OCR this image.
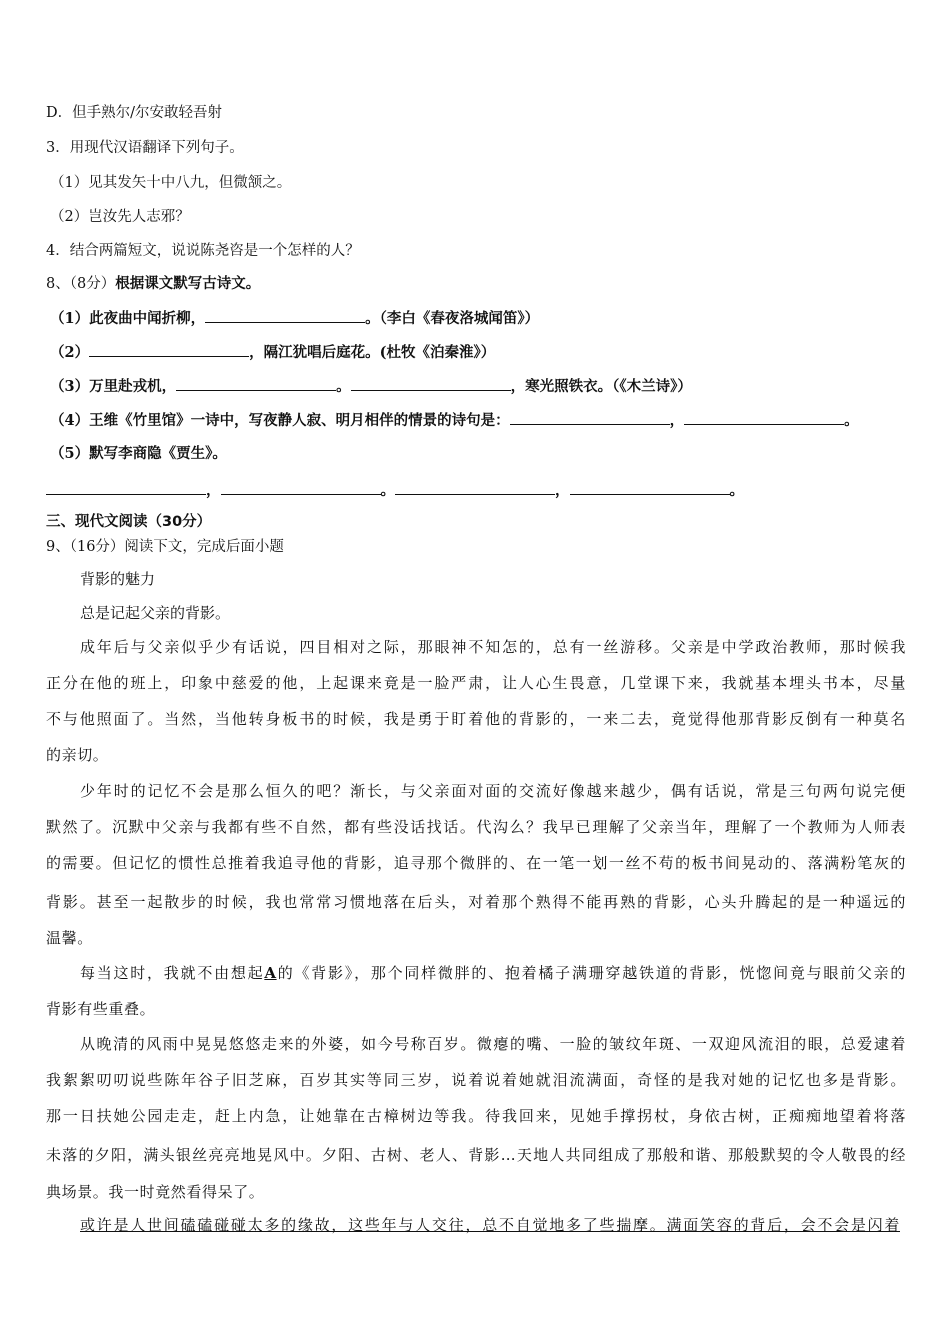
D．但手熟尔/尔安敢轻吾射
3．用现代汉语翻译下列句子。
（1）见其发矢十中八九，但微颔之。
（2）岂汝先人志邪？
4．结合两篇短文，说说陈尧咨是一个怎样的人？
8、（8分）根据课文默写古诗文。
（1）此夜曲中闻折柳，	。（李白《春夜洛城闻笛》）
（2）	，隔江犹唱后庭花。(杜牧《泊秦淮》）
（3）万里赴戎机，	。	，寒光照铁衣。（《木兰诗》）
（4）王维《竹里馆》一诗中，写夜静人寂、明月相伴的情景的诗句是：	，	。
（5）默写李商隐《贾生》。
，	。	，	。
三、现代文阅读（30分）
9、（16分）阅读下文，完成后面小题
背影的魅力
总是记起父亲的背影。
成年后与父亲似乎少有话说，四目相对之际，那眼神不知怎的，总有一丝游移。父亲是中学政治教师，那时候我
正分在他的班上，印象中慈爱的他，上起课来竟是一脸严肃，让人心生畏意，几堂课下来，我就基本埋头书本，尽量
不与他照面了。当然，当他转身板书的时候，我是勇于盯着他的背影的，一来二去，竟觉得他那背影反倒有一种莫名
的亲切。
少年时的记忆不会是那么恒久的吧？渐长，与父亲面对面的交流好像越来越少，偶有话说，常是三句两句说完便
默然了。沉默中父亲与我都有些不自然，都有些没话找话。代沟么？我早已理解了父亲当年，理解了一个教师为人师表
的需要。但记忆的惯性总推着我追寻他的背影，追寻那个微胖的、在一笔一划一丝不苟的板书间晃动的、落满粉笔灰的
背影。甚至一起散步的时候，我也常常习惯地落在后头，对着那个熟得不能再熟的背影，心头升腾起的是一种遥远的
温馨。
每当这时，我就不由想起A的《背影》，那个同样微胖的、抱着橘子满珊穿越铁道的背影，恍惚间竟与眼前父亲的
背影有些重叠。
从晚清的风雨中晃晃悠悠走来的外婆，如今号称百岁。微瘪的嘴、一脸的皱纹年斑、一双迎风流泪的眼，总爱逮着
我絮絮叨叨说些陈年谷子旧芝麻，百岁其实等同三岁，说着说着她就泪流满面，奇怪的是我对她的记忆也多是背影。
那一日扶她公园走走，赶上内急，让她靠在古樟树边等我。待我回来，见她手撑拐杖，身依古树，正痴痴地望着将落
未落的夕阳，满头银丝亮亮地晃风中。夕阳、古树、老人、背影…天地人共同组成了那般和谐、那般默契的令人敬畏的经
典场景。我一时竟然看得呆了。
或许是人世间磕磕碰碰太多的缘故，这些年与人交往，总不自觉地多了些揣摩。满面笑容的背后，会不会是闪着
